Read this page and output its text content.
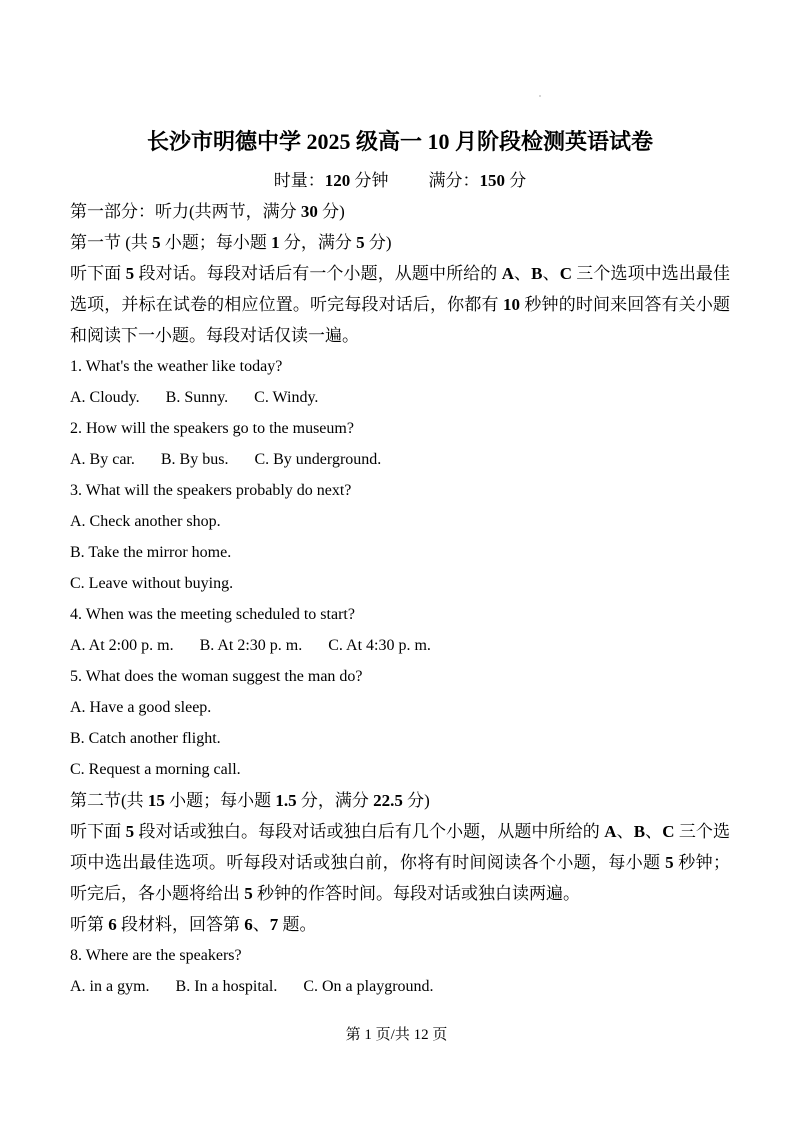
长沙市明德中学 2025 级高一 10 月阶段检测英语试卷
时量：120 分钟 满分：150 分
第一部分：听力(共两节，满分 30 分)
第一节 (共 5 小题；每小题 1 分，满分 5 分)
听下面 5 段对话。每段对话后有一个小题，从题中所给的 A、B、C 三个选项中选出最佳选项，并标在试卷的相应位置。听完每段对话后，你都有 10 秒钟的时间来回答有关小题和阅读下一小题。每段对话仅读一遍。
1. What's the weather like today?
A. Cloudy. B. Sunny. C. Windy.
2. How will the speakers go to the museum?
A. By car. B. By bus. C. By underground.
3. What will the speakers probably do next?
A. Check another shop.
B. Take the mirror home.
C. Leave without buying.
4. When was the meeting scheduled to start?
A. At 2:00 p. m. B. At 2:30 p. m. C. At 4:30 p. m.
5. What does the woman suggest the man do?
A. Have a good sleep.
B. Catch another flight.
C. Request a morning call.
第二节(共 15 小题；每小题 1.5 分，满分 22.5 分)
听下面 5 段对话或独白。每段对话或独白后有几个小题，从题中所给的 A、B、C 三个选项中选出最佳选项。听每段对话或独白前，你将有时间阅读各个小题，每小题 5 秒钟；听完后，各小题将给出 5 秒钟的作答时间。每段对话或独白读两遍。
听第 6 段材料，回答第 6、7 题。
8. Where are the speakers?
A. in a gym. B. In a hospital. C. On a playground.
第 1 页/共 12 页
